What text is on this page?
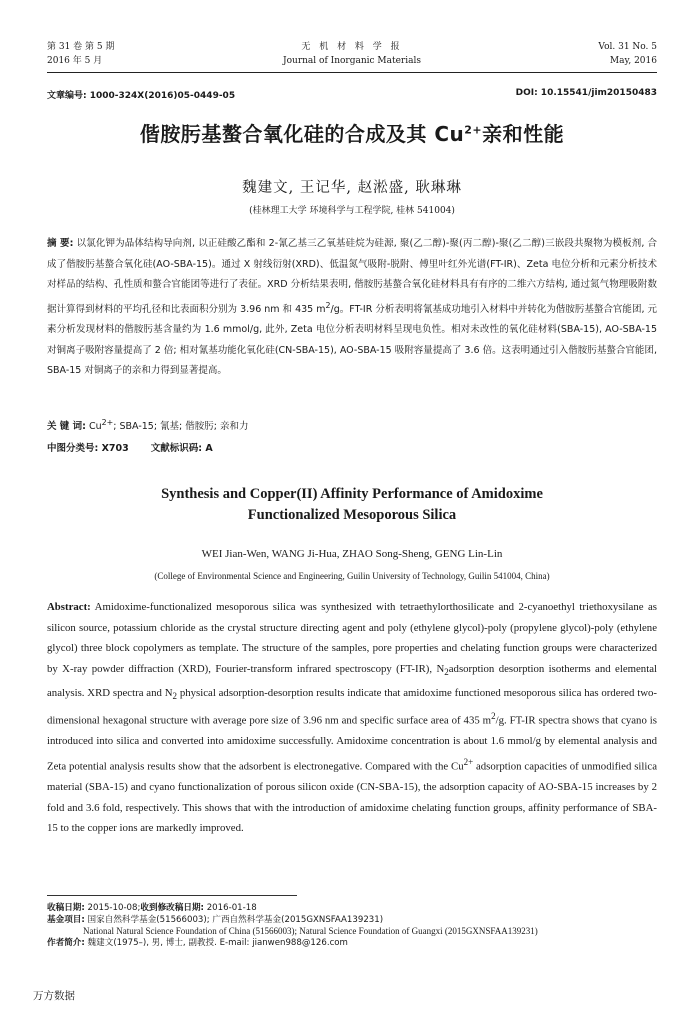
第 31 卷 第 5 期
2016 年 5 月
无 机 材 料 学 报
Journal of Inorganic Materials
Vol. 31 No. 5
May, 2016
文章编号: 1000-324X(2016)05-0449-05	DOI: 10.15541/jim20150483
偕胺肟基螯合氧化硅的合成及其 $Cu^{2+}$亲和性能
魏建文, 王记华, 赵淞盛, 耿琳琳
(桂林理工大学 环境科学与工程学院, 桂林 541004)
摘 要: 以氯化钾为晶体结构导向剂, 以正硅酸乙酯和 2-氰乙基三乙氧基硅烷为硅源, 聚(乙二醇)-聚(丙二醇)-聚(乙二醇)三嵌段共聚物为模板剂, 合成了偕胺肟基螯合氧化硅(AO-SBA-15)。通过 X 射线衍射(XRD)、低温氮气吸附-脱附、傅里叶红外光谱(FT-IR)、Zeta 电位分析和元素分析技术对样品的结构、孔性质和螯合官能团等进行了表征。XRD 分析结果表明, 偕胺肟基螯合氧化硅材料具有有序的二维六方结构, 通过氮气物理吸附数据计算得到材料的平均孔径和比表面积分别为 3.96 nm 和 435 $m^2/g$。FT-IR 分析表明将氰基成功地引入材料中并转化为偕胺肟基螯合官能团, 元素分析发现材料的偕胺肟基含量约为 1.6 mmol/g, 此外, Zeta 电位分析表明材料呈现电负性。相对未改性的氧化硅材料(SBA-15), AO-SBA-15 对铜离子吸附容量提高了 2 倍; 相对氰基功能化氧化硅(CN-SBA-15), AO-SBA-15 吸附容量提高了 3.6 倍。这表明通过引入偕胺肟基螯合官能团, SBA-15 对铜离子的亲和力得到显著提高。
关 键 词: $Cu^{2+}$; SBA-15; 氰基; 偕胺肟; 亲和力
中图分类号: X703 文献标识码: A
Synthesis and Copper(II) Affinity Performance of Amidoxime
Functionalized Mesoporous Silica
WEI Jian-Wen, WANG Ji-Hua, ZHAO Song-Sheng, GENG Lin-Lin
(College of Environmental Science and Engineering, Guilin University of Technology, Guilin 541004, China)
Abstract: Amidoxime-functionalized mesoporous silica was synthesized with tetraethylorthosilicate and 2-cyanoethyl triethoxysilane as silicon source, potassium chloride as the crystal structure directing agent and poly (ethylene glycol)-poly (propylene glycol)-poly (ethylene glycol) three block copolymers as template. The structure of the samples, pore properties and chelating function groups were characterized by X-ray powder diffraction (XRD), Fourier-transform infrared spectroscopy (FT-IR), $N_2adsorption$ desorption isotherms and elemental analysis. XRD spectra and $N_2$ physical adsorption-desorption results indicate that amidoxime functioned mesoporous silica has ordered two-dimensional hexagonal structure with average pore size of 3.96 nm and specific surface area of 435 $m^2/g$. FT-IR spectra shows that cyano is introduced into silica and converted into amidoxime successfully. Amidoxime concentration is about 1.6 mmol/g by elemental analysis and Zeta potential analysis results show that the adsorbent is electronegative. Compared with the $Cu^{2+}$ adsorption capacities of unmodified silica material (SBA-15) and cyano functionalization of porous silicon oxide (CN-SBA-15), the adsorption capacity of AO-SBA-15 increases by 2 fold and 3.6 fold, respectively. This shows that with the introduction of amidoxime chelating function groups, affinity performance of SBA-15 to the copper ions are markedly improved.
收稿日期:
2015-10-08; 收到修改稿日期:
2016-01-18
基金项目:
国家自然科学基金(51566003); 广西自然科学基金(2015GXNSFAA139231)
National Natural Science Foundation of China (51566003); Natural Science Foundation of Guangxi (2015GXNSFAA139231)
作者简介:
魏建文(1975–), 男, 博士, 副教授. E-mail: jianwen988@126.com
万方数据
